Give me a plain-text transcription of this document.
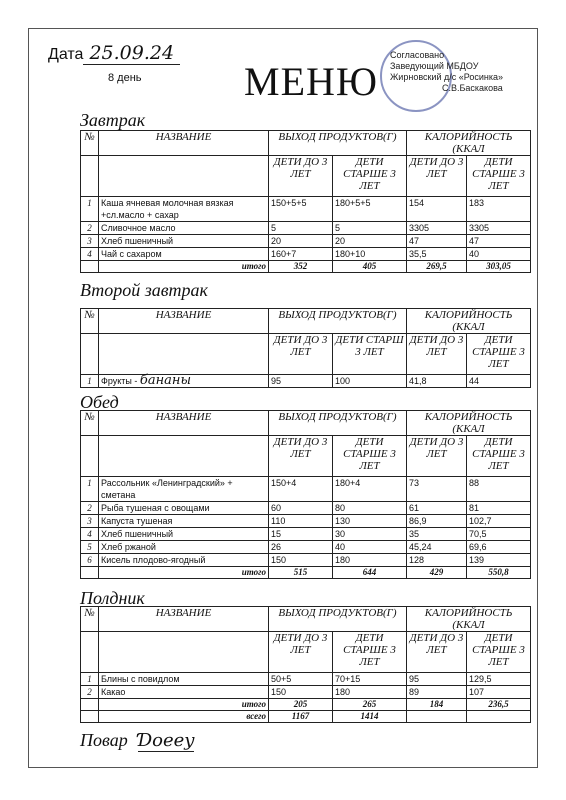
Дата 25.09.24
8 день	МЕНЮ
Согласовано
Заведующий МБДОУ
Жирновский д/с «Росинка»
С.В.Баскакова
Завтрак
№	НАЗВАНИЕ	ВЫХОД ПРОДУКТОВ(Г)		КАЛОРИЙНОСТЬ (ККАЛ	
		ДЕТИ ДО 3 ЛЕТ	ДЕТИ СТАРШЕ 3 ЛЕТ	ДЕТИ ДО 3 ЛЕТ	ДЕТИ СТАРШЕ 3 ЛЕТ
1	Каша ячневая молочная вязкая +сл.масло + сахар	150+5+5	180+5+5	154	183
2	Сливочное масло	5	5	3305	3305
3	Хлеб пшеничный	20	20	47	47
4	Чай с сахаром	160+7	180+10	35,5	40
	итого	352	405	269,5	303,05
Второй завтрак
№	НАЗВАНИЕ	ВЫХОД ПРОДУКТОВ(Г)		КАЛОРИЙНОСТЬ (ККАЛ	
		ДЕТИ ДО 3 ЛЕТ	ДЕТИ СТАРШ 3 ЛЕТ	ДЕТИ ДО 3 ЛЕТ	ДЕТИ СТАРШЕ 3 ЛЕТ
1	Фрукты - бананы	95	100	41,8	44
Обед
№	НАЗВАНИЕ	ВЫХОД ПРОДУКТОВ(Г)		КАЛОРИЙНОСТЬ (ККАЛ	
		ДЕТИ ДО 3 ЛЕТ	ДЕТИ СТАРШЕ 3 ЛЕТ	ДЕТИ ДО 3 ЛЕТ	ДЕТИ СТАРШЕ 3 ЛЕТ
1	Рассольник «Ленинградский» + сметана	150+4	180+4	73	88
2	Рыба тушеная с овощами	60	80	61	81
3	Капуста тушеная	110	130	86,9	102,7
4	Хлеб пшеничный	15	30	35	70,5
5	Хлеб ржаной	26	40	45,24	69,6
6	Кисель плодово-ягодный	150	180	128	139
	итого	515	644	429	550,8
Полдник
№	НАЗВАНИЕ	ВЫХОД ПРОДУКТОВ(Г)		КАЛОРИЙНОСТЬ (ККАЛ	
		ДЕТИ ДО 3 ЛЕТ	ДЕТИ СТАРШЕ 3 ЛЕТ	ДЕТИ ДО 3 ЛЕТ	ДЕТИ СТАРШЕ 3 ЛЕТ
1	Блины с повидлом	50+5	70+15	95	129,5
2	Какао	150	180	89	107
	итого	205	265	184	236,5
	всего	1167	1414		
Повар Ɗoeey
